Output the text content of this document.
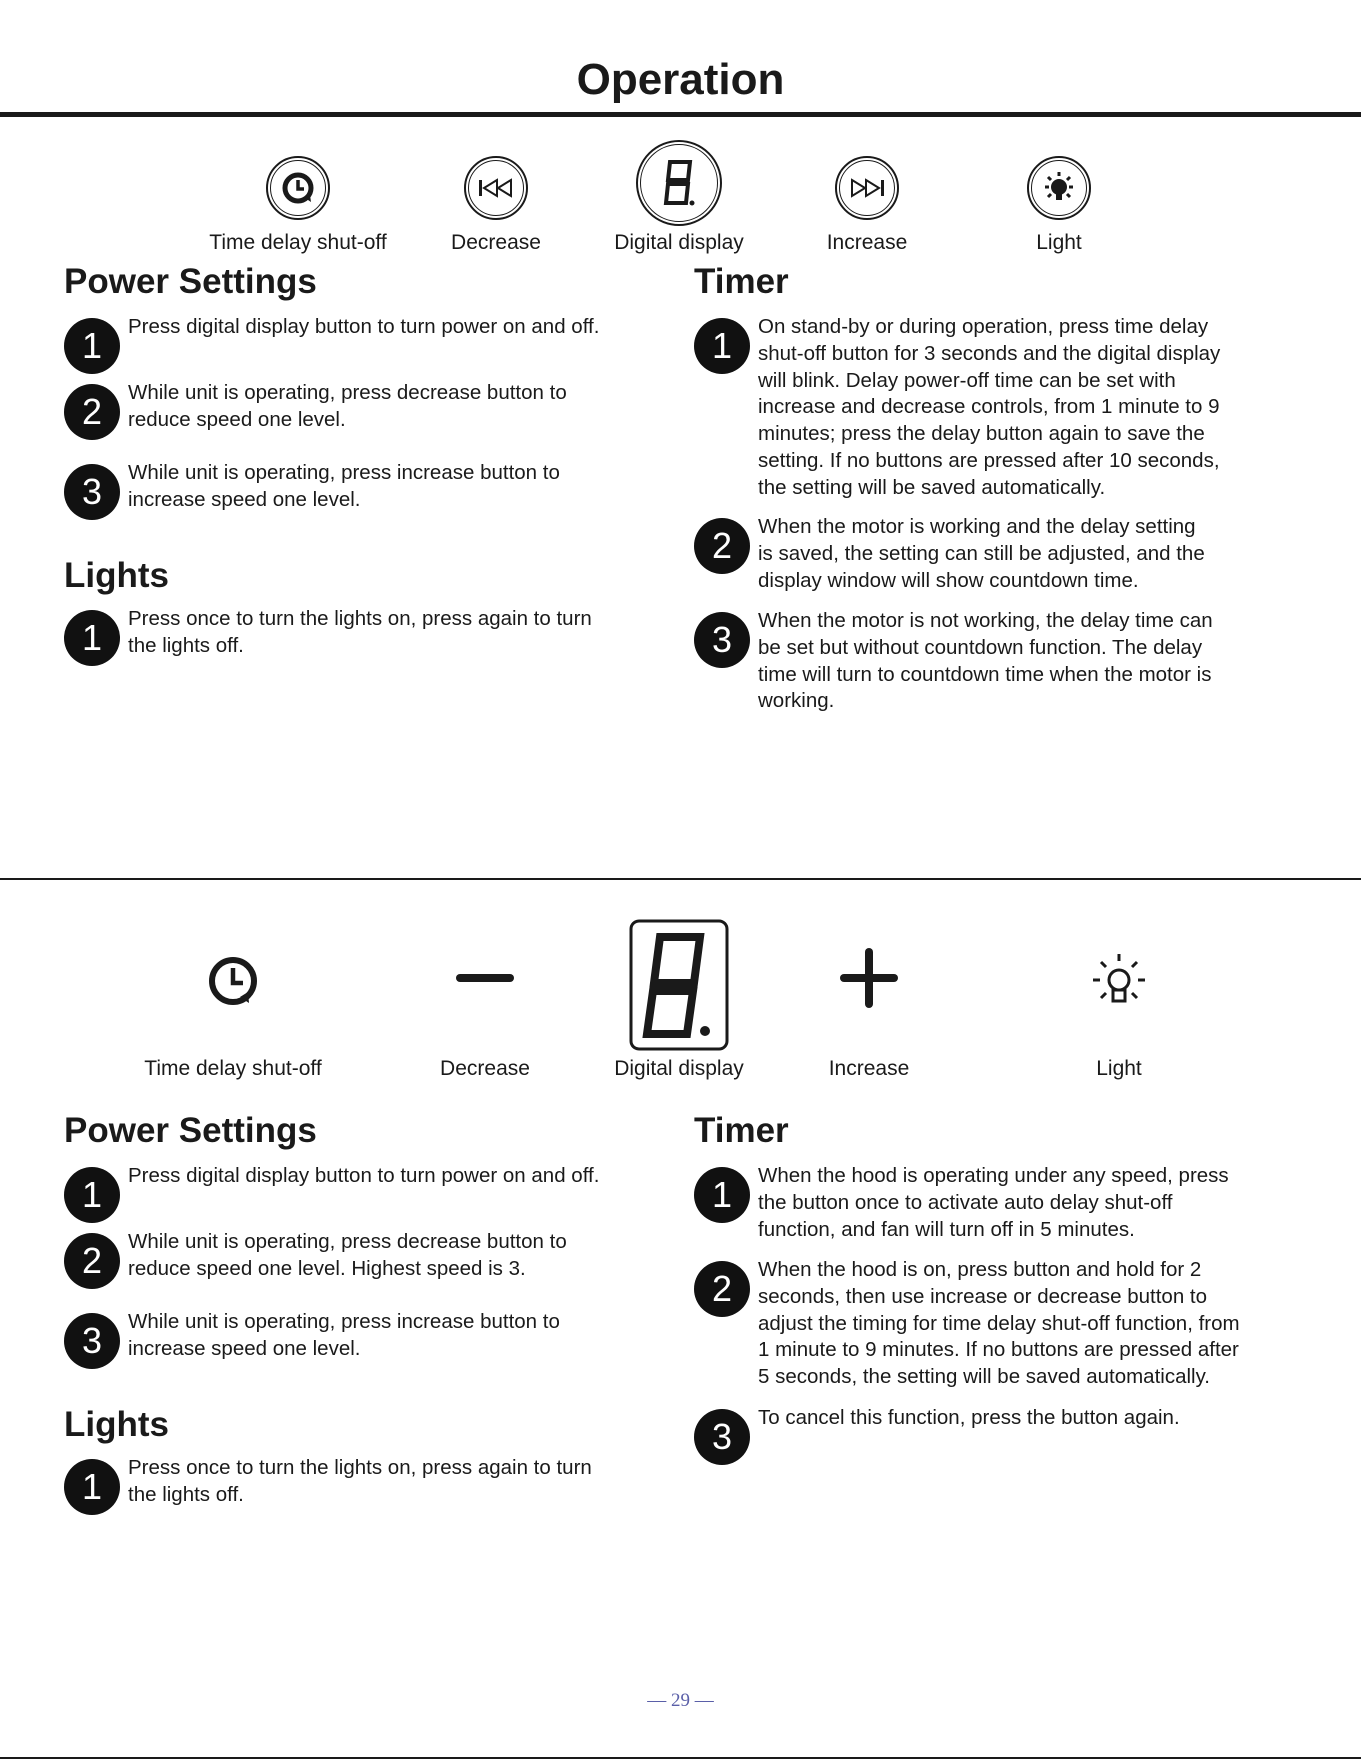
Operation
Time delay shut-off	Decrease	Digital display	Increase	Light
Power Settings
1	Press digital display button to turn power on and off.

2	While unit is operating, press decrease button to
reduce speed one level.

3	While unit is operating, press increase button to
increase speed one level.

Lights
1	Press once to turn the lights on, press again to turn
the lights off.

Timer
1	On stand-by or during operation, press time delay
shut-off button for 3 seconds and the digital display
will blink. Delay power-off time can be set with
increase and decrease controls, from 1 minute to 9
minutes; press the delay button again to save the
setting. If no buttons are pressed after 10 seconds,
the setting will be saved automatically.

2	When the motor is working and the delay setting
is saved, the setting can still be adjusted, and the
display window will show countdown time.

3	When the motor is not working, the delay time can
be set but without countdown function. The delay
time will turn to countdown time when the motor is
working.

Time delay shut-off	Decrease	Digital display	Increase	Light
Power Settings
1	Press digital display button to turn power on and off.

2	While unit is operating, press decrease button to
reduce speed one level. Highest speed is 3.

3	While unit is operating, press increase button to
increase speed one level.

Lights
1	Press once to turn the lights on, press again to turn
the lights off.

Timer
1	When the hood is operating under any speed, press
the button once to activate auto delay shut-off
function, and fan will turn off in 5 minutes.

2	When the hood is on, press button and hold for 2
seconds, then use increase or decrease button to
adjust the timing for time delay shut-off function, from
1 minute to 9 minutes. If no buttons are pressed after
5 seconds, the setting will be saved automatically.

3	To cancel this function, press the button again.

— 29 —
